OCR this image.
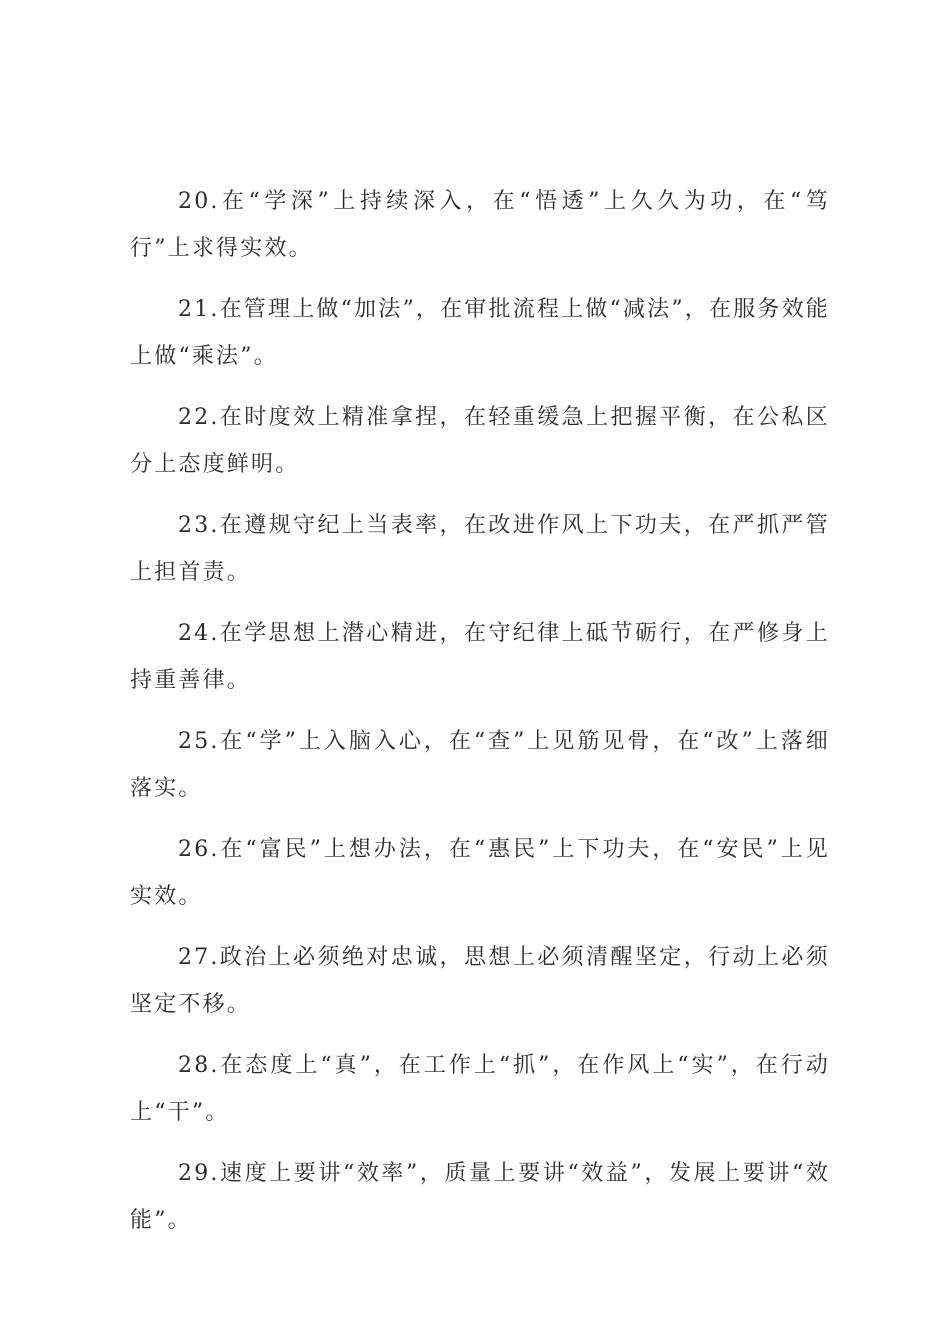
20.在“学深”上持续深入，在“悟透”上久久为功，在“笃行”上求得实效。

21.在管理上做“加法”，在审批流程上做“减法”，在服务效能上做“乘法”。

22.在时度效上精准拿捏，在轻重缓急上把握平衡，在公私区分上态度鲜明。

23.在遵规守纪上当表率，在改进作风上下功夫，在严抓严管上担首责。

24.在学思想上潜心精进，在守纪律上砥节砺行，在严修身上持重善律。

25.在“学”上入脑入心，在“查”上见筋见骨，在“改”上落细落实。

26.在“富民”上想办法，在“惠民”上下功夫，在“安民”上见实效。

27.政治上必须绝对忠诚，思想上必须清醒坚定，行动上必须坚定不移。

28.在态度上“真”，在工作上“抓”，在作风上“实”，在行动上“干”。

29.速度上要讲“效率”，质量上要讲“效益”，发展上要讲“效能”。
